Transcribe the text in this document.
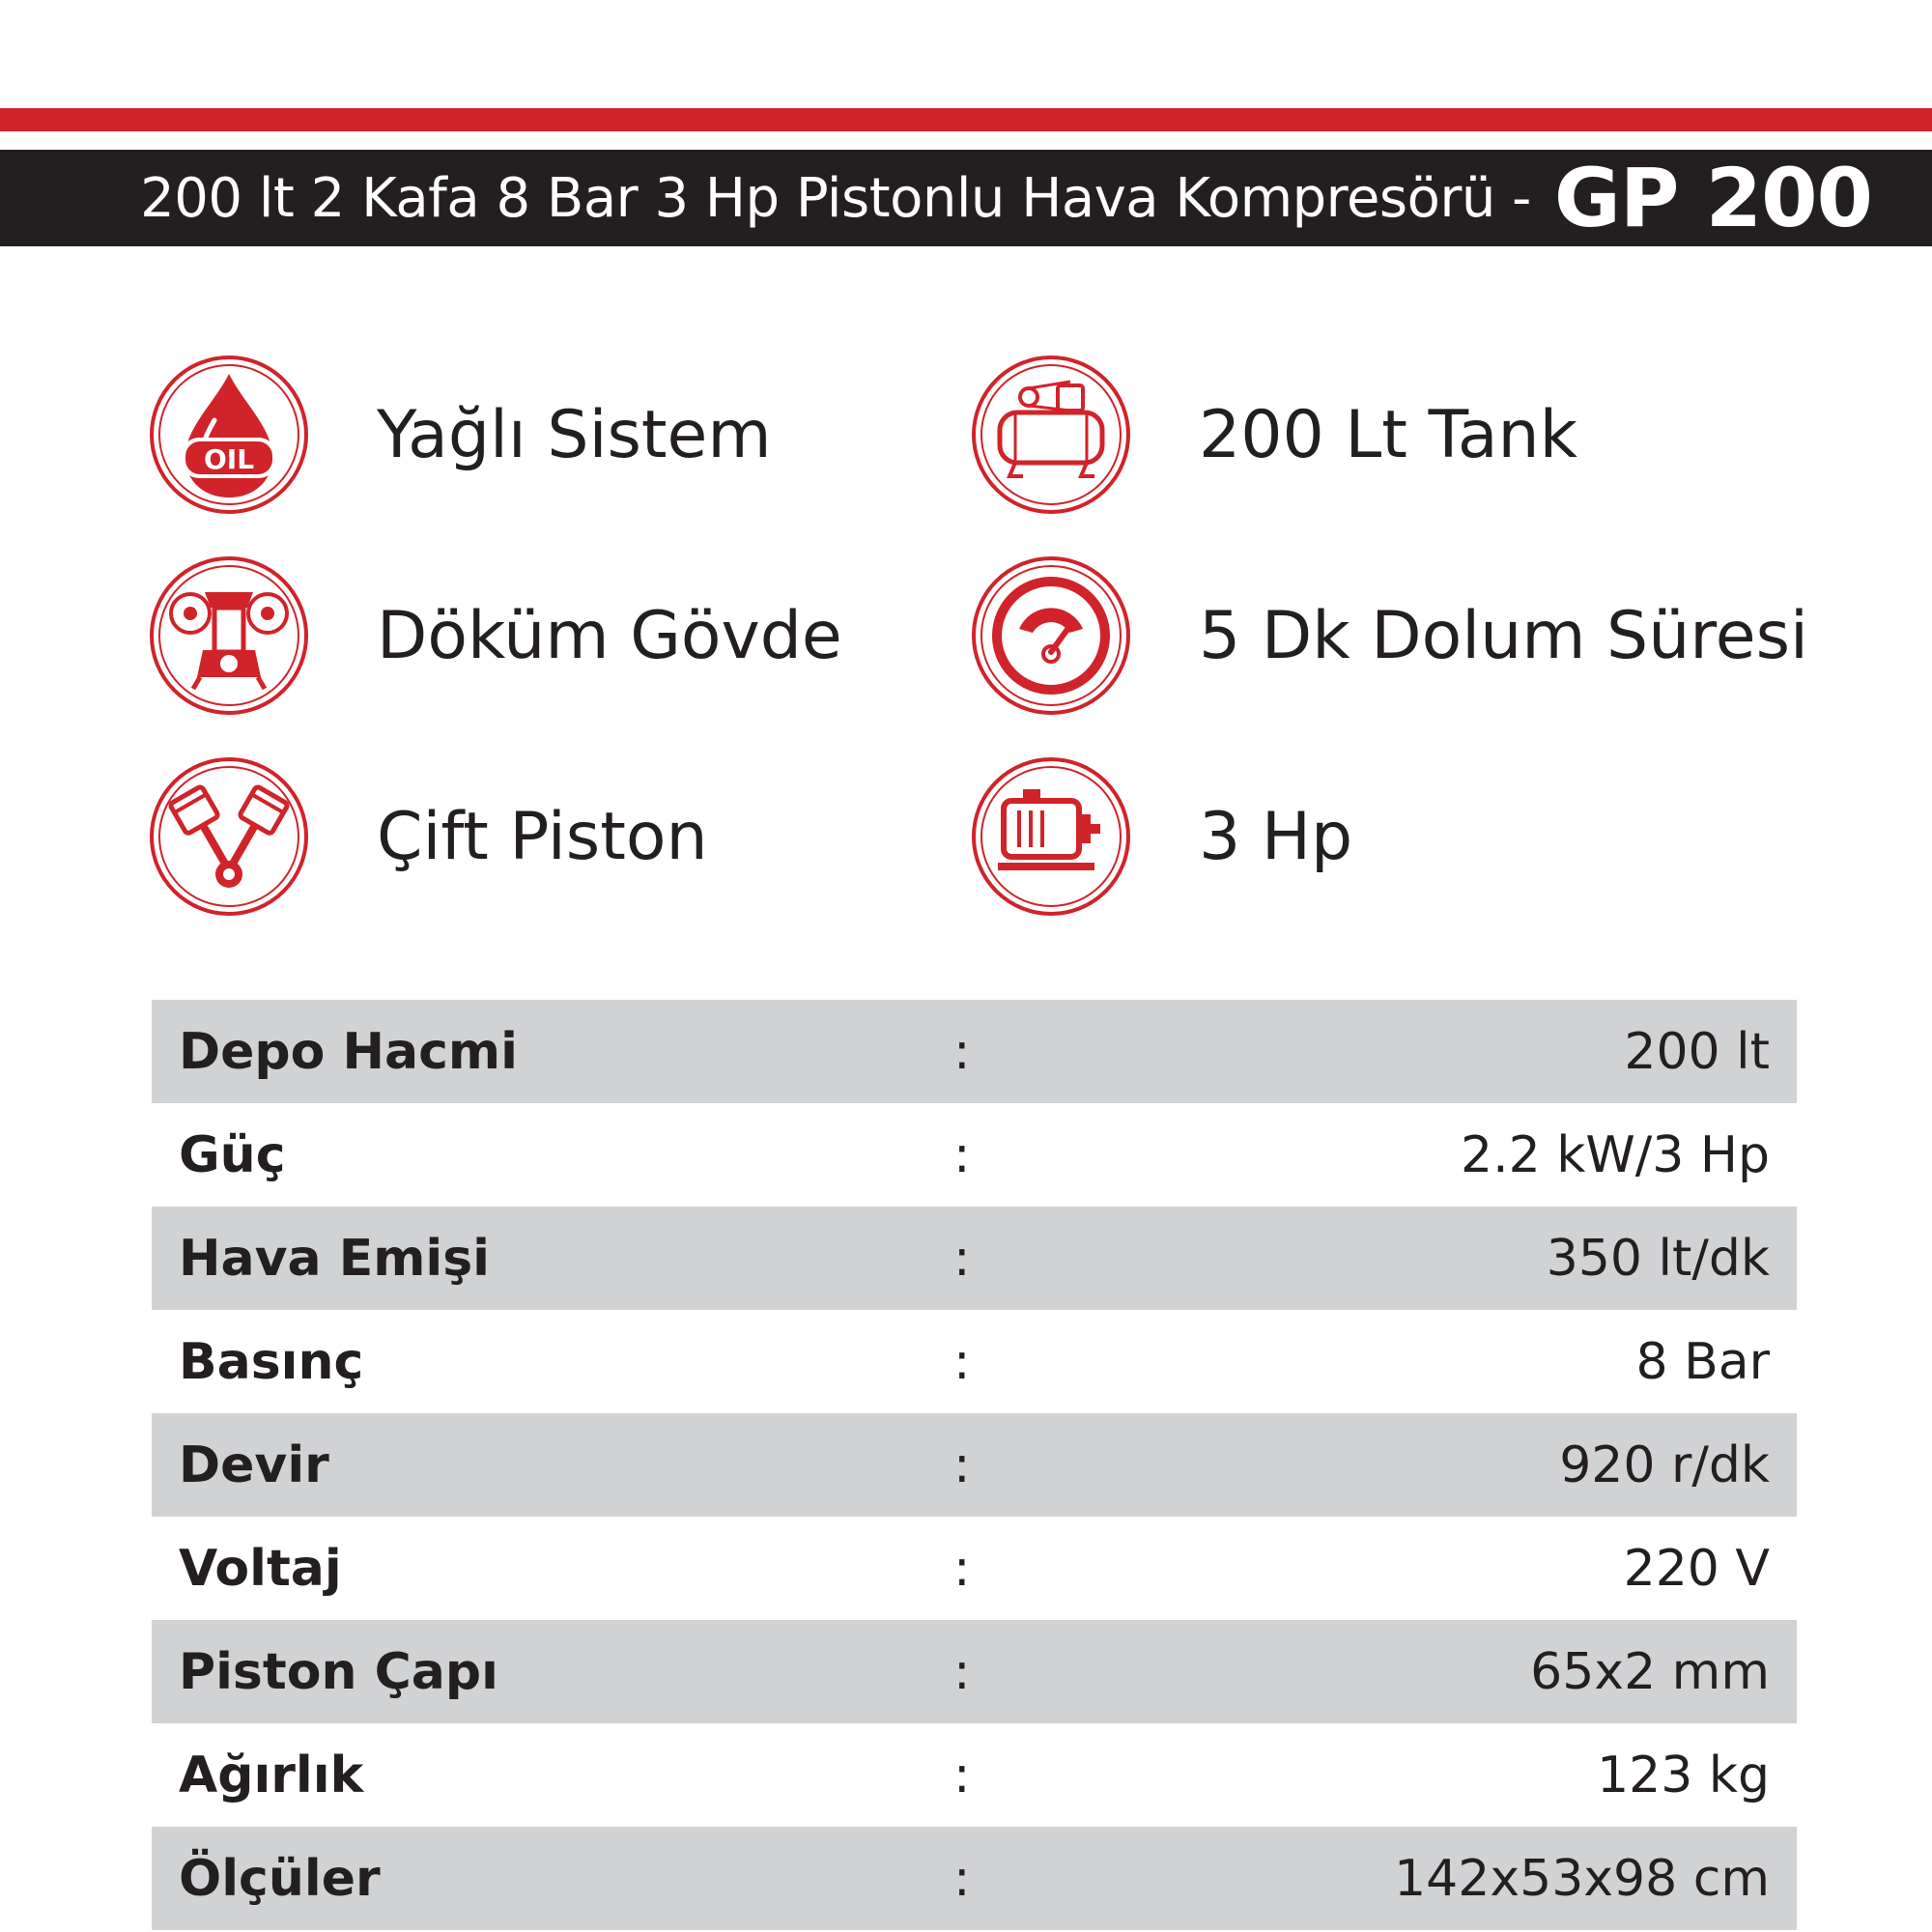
200 lt 2 Kafa 8 Bar 3 Hp Pistonlu Hava Kompresörü - GP 200
OIL Yağlı Sistem
Döküm Gövde
Çift Piston
200 Lt Tank
5 Dk Dolum Süresi
3 Hp
Depo Hacmi	:	200 lt
Güç	:	2.2 kW/3 Hp
Hava Emişi	:	350 lt/dk
Basınç	:	8 Bar
Devir	:	920 r/dk
Voltaj	:	220 V
Piston Çapı	:	65x2 mm
Ağırlık	:	123 kg
Ölçüler	:	142x53x98 cm
